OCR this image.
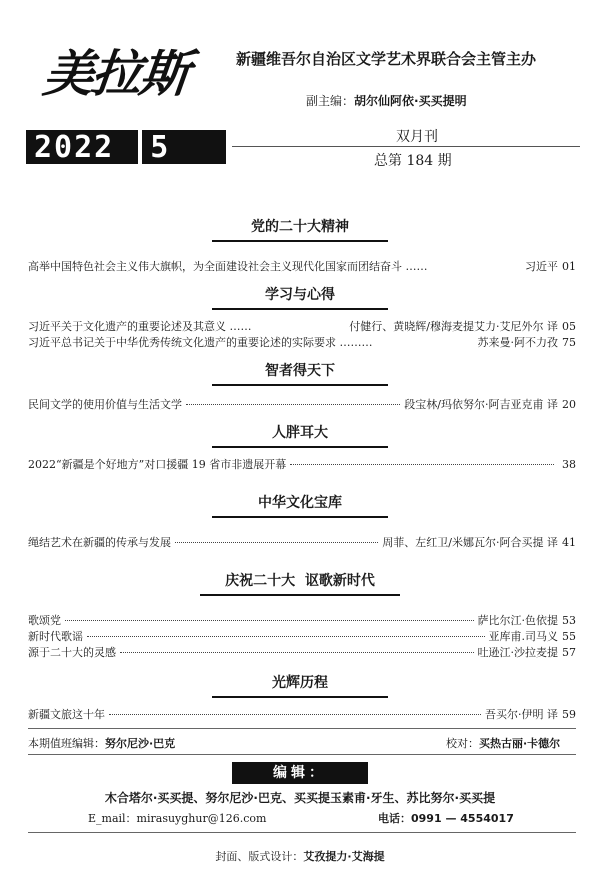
美拉斯	新疆维吾尔自治区文学艺术界联合会主管主办
副主编：胡尔仙阿依·买买提明
2022	5	双月刊
总第 184 期
党的二十大精神
高举中国特色社会主义伟大旗帜，为全面建设社会主义现代化国家而团结奋斗 ……	习近平 01
学习与心得
习近平关于文化遗产的重要论述及其意义 ……	付健行、黄晓辉/穆海麦提艾力·艾尼外尔 译 05
习近平总书记关于中华优秀传统文化遗产的重要论述的实际要求 ………	苏来曼·阿不力孜 75
智者得天下
民间文学的使用价值与生活文学	段宝林/玛依努尔·阿吉亚克甫 译 20
人胖耳大
2022“新疆是个好地方”对口援疆 19 省市非遗展开幕	38
中华文化宝库
绳结艺术在新疆的传承与发展	周菲、左红卫/米娜瓦尔·阿合买提 译 41
庆祝二十大  讴歌新时代
歌颂党	萨比尔江·色依提 53
新时代歌谣	亚库甫.司马义 55
源于二十大的灵感	吐逊江·沙拉麦提 57
光辉历程
新疆文旅这十年	吾买尔·伊明 译 59
本期值班编辑：努尔尼沙·巴克	校对：买热古丽·卡德尔
编辑：
木合塔尔·买买提、努尔尼沙·巴克、买买提玉素甫·牙生、苏比努尔·买买提
E_mail：mirasuyghur@126.com	电话：0991 — 4554017
封面、版式设计：艾孜提力·艾海提
